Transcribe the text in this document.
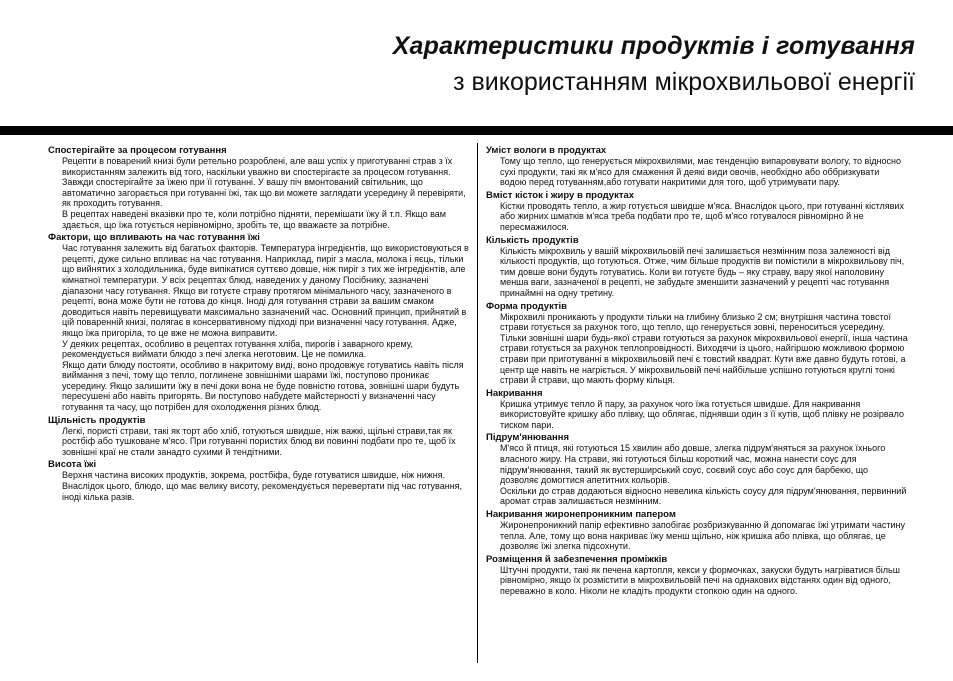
Характеристики продуктів і готування
з використанням мікрохвильової енергії
Спостерігайте за процесом готування

Рецепти в поварений книзі були ретельно розроблені, але ваш успіх у приготуванні страв з їх використанням залежить від того, наскільки уважно ви спостерігаєте за процесом готування. Завжди спостерігайте за їжею при її готуванні. У вашу піч вмонтований світильник, що автоматично загорається при готуванні їжі, так що ви можете заглядати усередину й перевіряти, як проходить готування.

В рецептах наведені вказівки про те, коли потрібно підняти, перемішати їжу й т.п. Якщо вам здається, що їжа готується нерівномірно, зробіть те, що вважаєте за потрібне.

Фактори, що впливають на час готування їжі

Час готування залежить від багатьох факторів. Температура інгредієнтів, що використовуються в рецепті, дуже сильно впливає на час готування. Наприклад, пиріг з масла, молока і яєць, тільки що вийнятих з холодильника, буде випікатися суттєво довше, ніж пиріг з тих же інгредієнтів, але кімнатної температури. У всіх рецептах блюд, наведених у даному Посібнику, зазначені діапазони часу готування. Якщо ви готуєте страву протягом мінімального часу, зазначеного в рецепті, вона може бути не готова до кінця. Іноді для готування страви за вашим смаком доводиться навіть перевищувати максимально зазначений час. Основний принцип, прийнятий в цій поваренній книзі, полягає в консервативному підході при визначенні часу готування. Адже, якщо їжа пригоріла, то це вже не можна виправити.

У деяких рецептах, особливо в рецептах готування хліба, пирогів і заварного крему, рекомендується виймати блюдо з печі злегка неготовим. Це не помилка.

Якщо дати блюду постояти, особливо в накритому виді, воно продовжує готуватись навіть після виймання з печі, тому що тепло, поглинене зовнішніми шарами їжі, поступово проникає усередину. Якщо залишити їжу в печі доки вона не буде повністю готова, зовнішні шари будуть пересушені або навіть пригорять. Ви поступово набудете майстерності у визначенні часу готування та часу, що потрібен для охолодження різних блюд.

Щільність продуктів

Легкі, пористі страви, такі як торт або хліб, готуються швидше, ніж важкі, щільні страви,так як ростбіф або тушковане м'ясо. При готуванні пористих блюд ви повинні подбати про те, щоб їх зовнішні краї не стали занадто сухими й тендітними.

Висота їжі

Верхня частина високих продуктів, зокрема, ростбіфа, буде готуватися швидше, ніж нижня. Внаслідок цього, блюдо, що має велику висоту, рекомендується перевертати під час готування, іноді кілька разів.

Уміст вологи в продуктах

Тому що тепло, що генерується мікрохвилями, має тенденцію випаровувати вологу, то відносно сухі продукти, такі як м'ясо для смаження й деякі види овочів, необхідно або оббризкувати водою перед готуванням,або готувати накритими для того, щоб утримувати пару.

Вміст кісток і жиру в продуктах

Кістки проводять тепло, а жир готується швидше м'яса. Внаслідок цього, при готуванні кістлявих або жирних шматків м'яса треба подбати про те, щоб м'ясо готувалося рівномірно й не пересмажилося.

Кількість продуктів

Кількість мікрохвиль у вашій мікрохвильовій печі залишається незмінним поза залежності від кількості продуктів, що готуються. Отже, чим більше продуктів ви помістили в мікрохвильову піч, тим довше вони будуть готуватись. Коли ви готуєте будь – яку страву, вару якої наполовину менша ваги, зазначеної в рецепті, не забудьте зменшити зазначений у рецепті час готування принаймні на одну третину.

Форма продуктів

Мікрохвилі проникають у продукти тільки на глибину близько 2 см; внутрішня частина товстої страви готується за рахунок того, що тепло, що генерується зовні, переноситься усередину. Тільки зовнішні шари будь-якої страви готуються за рахунок мікрохвильової енергії, інша частина страви готується за рахунок теплопровідності. Виходячи із цього, найгіршою можливою формою страви при приготуванні в мікрохвильовій печі є товстий квадрат. Кути вже давно будуть готові, а центр ще навіть не нагріється. У мікрохвильовій печі найбільше успішно готуються круглі тонкі страви й страви, що мають форму кільця.

Накривання

Кришка утримує тепло й пару, за рахунок чого їжа готується швидше. Для накривання використовуйте кришку або плівку, що облягає, піднявши один з її кутів, щоб плівку не розірвало тиском пари.

Підрум'янювання

М'ясо й птиця, які готуються 15 хвилин або довше, злегка підрум'яняться за рахунок їхнього власного жиру. На страви, які готуються більш короткий час, можна нанести соус для підрум'янювання, такий як вустерширський соус, соєвий соус або соус для барбекю, що дозволяє домогтися апетитних кольорів.

Оскільки до страв додаються відносно невелика кількість соусу для підрум'янювання, первинний аромат страв залишається незмінним.

Накривання жиронепроникним папером

Жиронепроникний папір ефективно запобігає розбризкуванню й допомагає їжі утримати частину тепла. Але, тому що вона накриває їжу менш щільно, ніж кришка або плівка, що облягає, це дозволяє їжі злегка підсохнути.

Розміщення й забезпечення проміжків

Штучні продукти, такі як печена картопля, кекси у формочках, закуски будуть нагріватися більш рівномірно, якщо їх розмістити в мікрохвильовій печі на однакових відстанях один від одного, переважно в коло. Ніколи не кладіть продукти стопкою один на одного.
